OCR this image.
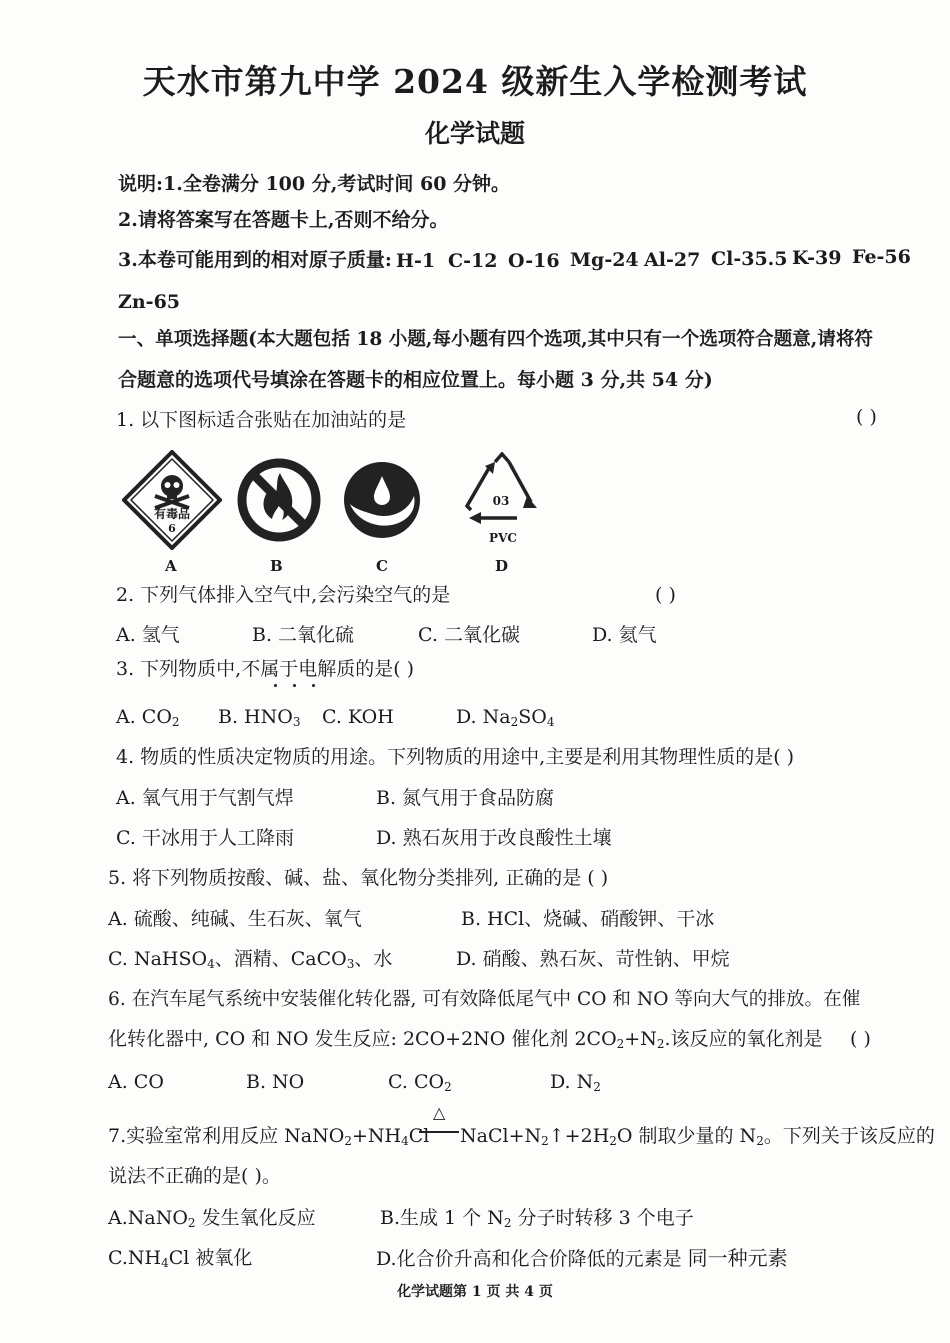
天水市第九中学 2024 级新生入学检测考试
化学试题
说明:1.全卷满分 100 分,考试时间 60 分钟。
2.请将答案写在答题卡上,否则不给分。
3.本卷可能用到的相对原子质量: H-1 C-12 O-16 Mg-24 Al-27 Cl-35.5 K-39 Fe-56
Zn-65
一、单项选择题(本大题包括 18 小题,每小题有四个选项,其中只有一个选项符合题意,请将符
合题意的选项代号填涂在答题卡的相应位置上。每小题 3 分,共 54 分)
1. 以下图标适合张贴在加油站的是	( )
有毒品
6
03
PVC
A	B	C	D
2. 下列气体排入空气中,会污染空气的是	( )
A. 氢气	B. 二氧化硫	C. 二氧化碳	D. 氦气
3. 下列物质中,不属于电解质的是( )
A. $CO_2$ B. $HNO_3$ C. KOH	D. $Na_2SO_4$
4. 物质的性质决定物质的用途。下列物质的用途中,主要是利用其物理性质的是( )
A. 氧气用于气割气焊	B. 氮气用于食品防腐
C. 干冰用于人工降雨	D. 熟石灰用于改良酸性土壤
5. 将下列物质按酸、碱、盐、氧化物分类排列, 正确的是 ( )
A. 硫酸、纯碱、生石灰、氧气	B. HCl、烧碱、硝酸钾、干冰
C. NaHSO$_4$、酒精、CaCO$_3$、水	D. 硝酸、熟石灰、苛性钠、甲烷
6. 在汽车尾气系统中安装催化转化器, 可有效降低尾气中 CO 和 NO 等向大气的排放。在催
化转化器中, CO 和 NO 发生反应: 2CO+2NO 催化剂 $2CO_2+N_2$.该反应的氧化剂是 ( )
A. CO	B. NO	C. $CO_2$	D. $N_2$
7.实验室常利用反应 $NaNO_2+NH_4Cl$
△
$NaCl+N_2↑+2H_2O$ 制取少量的 $N_2$。下列关于该反应的
说法不正确的是( )。
A.NaNO$_2$ 发生氧化反应	B.生成 1 个 $N_2$ 分子时转移 3 个电子
$C.NH_4Cl$ 被氧化	D.化合价升高和化合价降低的元素是 同一种元素
化学试题第 1 页 共 4 页
